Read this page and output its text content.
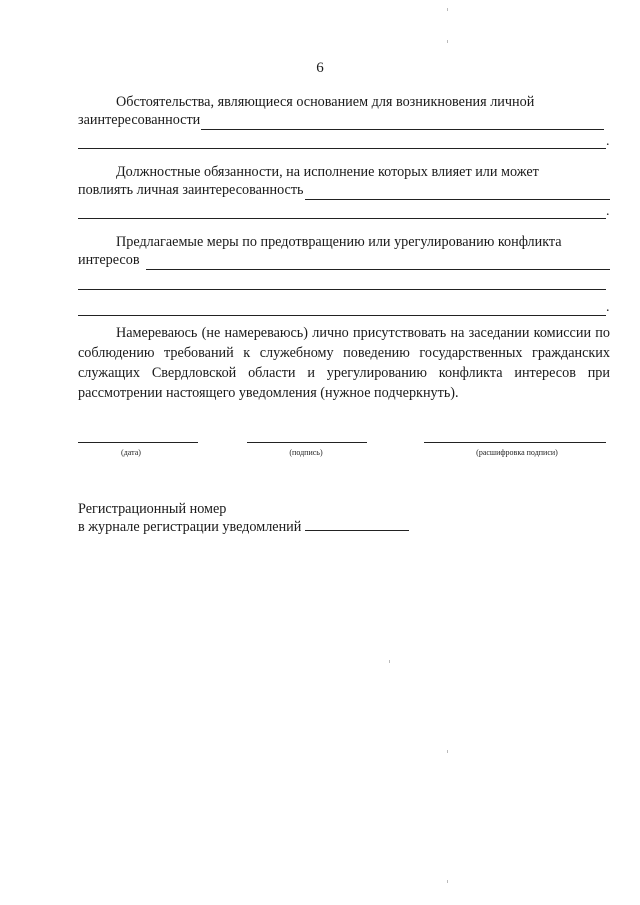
6
Обстоятельства, являющиеся основанием для возникновения личной
заинтересованности
.
Должностные обязанности, на исполнение которых влияет или может
повлиять личная заинтересованность
.
Предлагаемые меры по предотвращению или урегулированию конфликта
интересов
.
Намереваюсь (не намереваюсь) лично присутствовать на заседании комиссии по соблюдению требований к служебному поведению государственных гражданских служащих Свердловской области и урегулированию конфликта интересов при рассмотрении настоящего уведомления (нужное подчеркнуть).
(дата)	(подпись)	(расшифровка подписи)
Регистрационный номер
в журнале регистрации уведомлений
